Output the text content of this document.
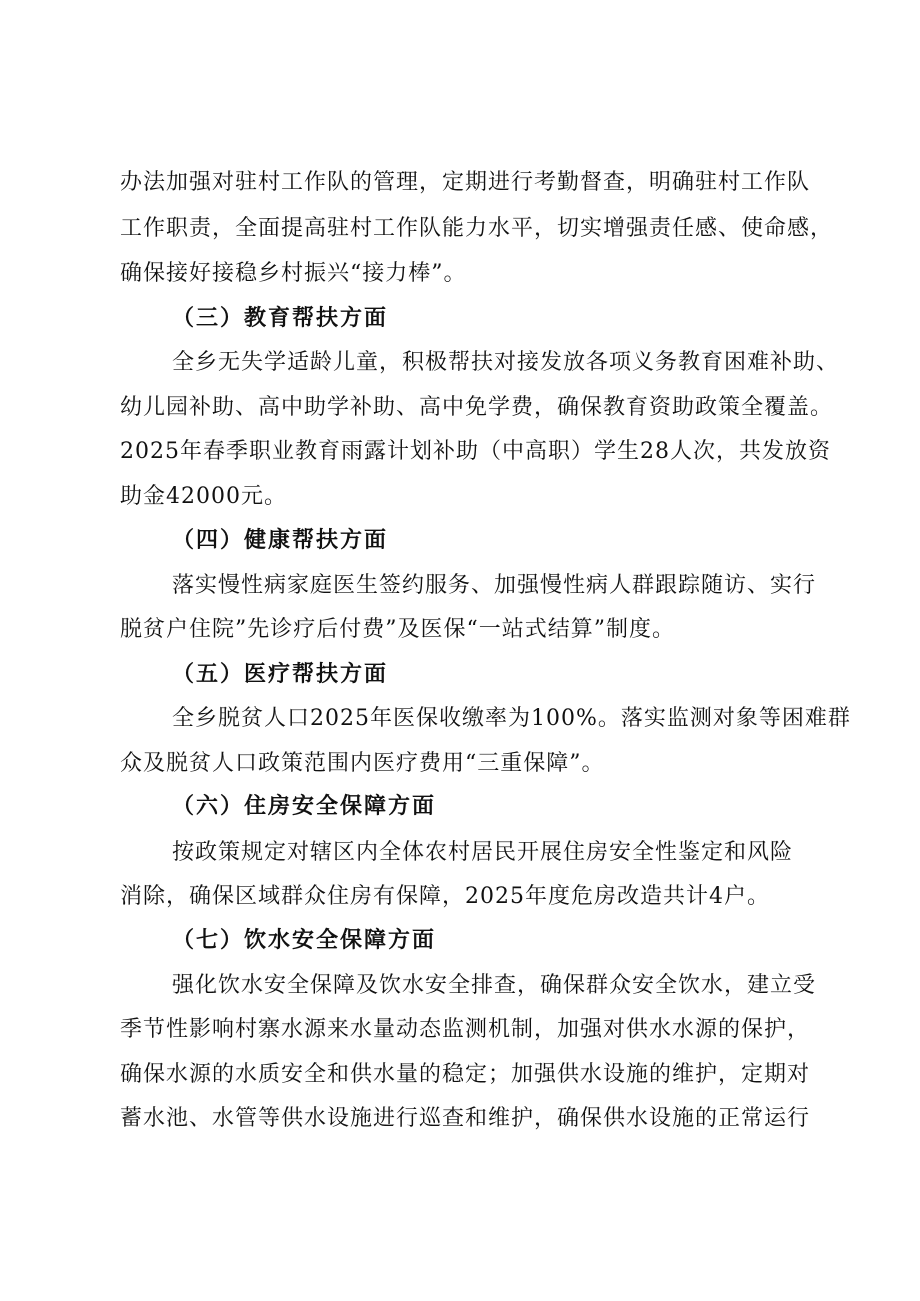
办法加强对驻村工作队的管理，定期进行考勤督查，明确驻村工作队
工作职责，全面提高驻村工作队能力水平，切实增强责任感、使命感，
确保接好接稳乡村振兴“接力棒”。
（三）教育帮扶方面
全乡无失学适龄儿童，积极帮扶对接发放各项义务教育困难补助、
幼儿园补助、高中助学补助、高中免学费，确保教育资助政策全覆盖。
2025年春季职业教育雨露计划补助（中高职）学生28人次，共发放资
助金42000元。
（四）健康帮扶方面
落实慢性病家庭医生签约服务、加强慢性病人群跟踪随访、实行
脱贫户住院”先诊疗后付费”及医保“一站式结算”制度。
（五）医疗帮扶方面
全乡脱贫人口2025年医保收缴率为100%。落实监测对象等困难群
众及脱贫人口政策范围内医疗费用“三重保障”。
（六）住房安全保障方面
按政策规定对辖区内全体农村居民开展住房安全性鉴定和风险
消除，确保区域群众住房有保障，2025年度危房改造共计4户。
（七）饮水安全保障方面
强化饮水安全保障及饮水安全排查，确保群众安全饮水，建立受
季节性影响村寨水源来水量动态监测机制，加强对供水水源的保护，
确保水源的水质安全和供水量的稳定；加强供水设施的维护，定期对
蓄水池、水管等供水设施进行巡查和维护，确保供水设施的正常运行
